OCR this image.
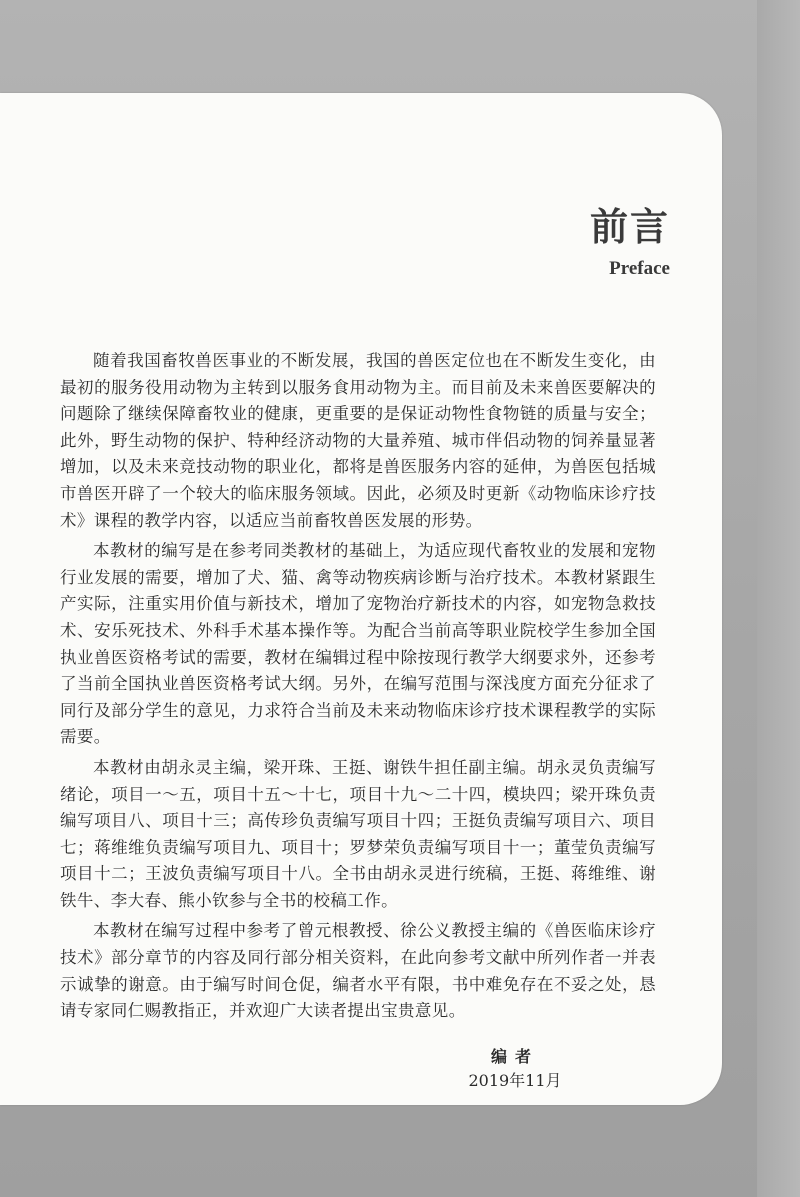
前言
Preface

随着我国畜牧兽医事业的不断发展，我国的兽医定位也在不断发生变化，由最初的服务役用动物为主转到以服务食用动物为主。而目前及未来兽医要解决的问题除了继续保障畜牧业的健康，更重要的是保证动物性食物链的质量与安全；此外，野生动物的保护、特种经济动物的大量养殖、城市伴侣动物的饲养量显著增加，以及未来竞技动物的职业化，都将是兽医服务内容的延伸，为兽医包括城市兽医开辟了一个较大的临床服务领域。因此，必须及时更新《动物临床诊疗技术》课程的教学内容，以适应当前畜牧兽医发展的形势。

本教材的编写是在参考同类教材的基础上，为适应现代畜牧业的发展和宠物行业发展的需要，增加了犬、猫、禽等动物疾病诊断与治疗技术。本教材紧跟生产实际，注重实用价值与新技术，增加了宠物治疗新技术的内容，如宠物急救技术、安乐死技术、外科手术基本操作等。为配合当前高等职业院校学生参加全国执业兽医资格考试的需要，教材在编辑过程中除按现行教学大纲要求外，还参考了当前全国执业兽医资格考试大纲。另外，在编写范围与深浅度方面充分征求了同行及部分学生的意见，力求符合当前及未来动物临床诊疗技术课程教学的实际需要。

本教材由胡永灵主编，梁开珠、王挺、谢铁牛担任副主编。胡永灵负责编写绪论，项目一～五，项目十五～十七，项目十九～二十四，模块四；梁开珠负责编写项目八、项目十三；高传珍负责编写项目十四；王挺负责编写项目六、项目七；蒋维维负责编写项目九、项目十；罗梦荣负责编写项目十一；董莹负责编写项目十二；王波负责编写项目十八。全书由胡永灵进行统稿，王挺、蒋维维、谢铁牛、李大春、熊小钦参与全书的校稿工作。

本教材在编写过程中参考了曾元根教授、徐公义教授主编的《兽医临床诊疗技术》部分章节的内容及同行部分相关资料，在此向参考文献中所列作者一并表示诚挚的谢意。由于编写时间仓促，编者水平有限，书中难免存在不妥之处，恳请专家同仁赐教指正，并欢迎广大读者提出宝贵意见。

编者
2019年11月
